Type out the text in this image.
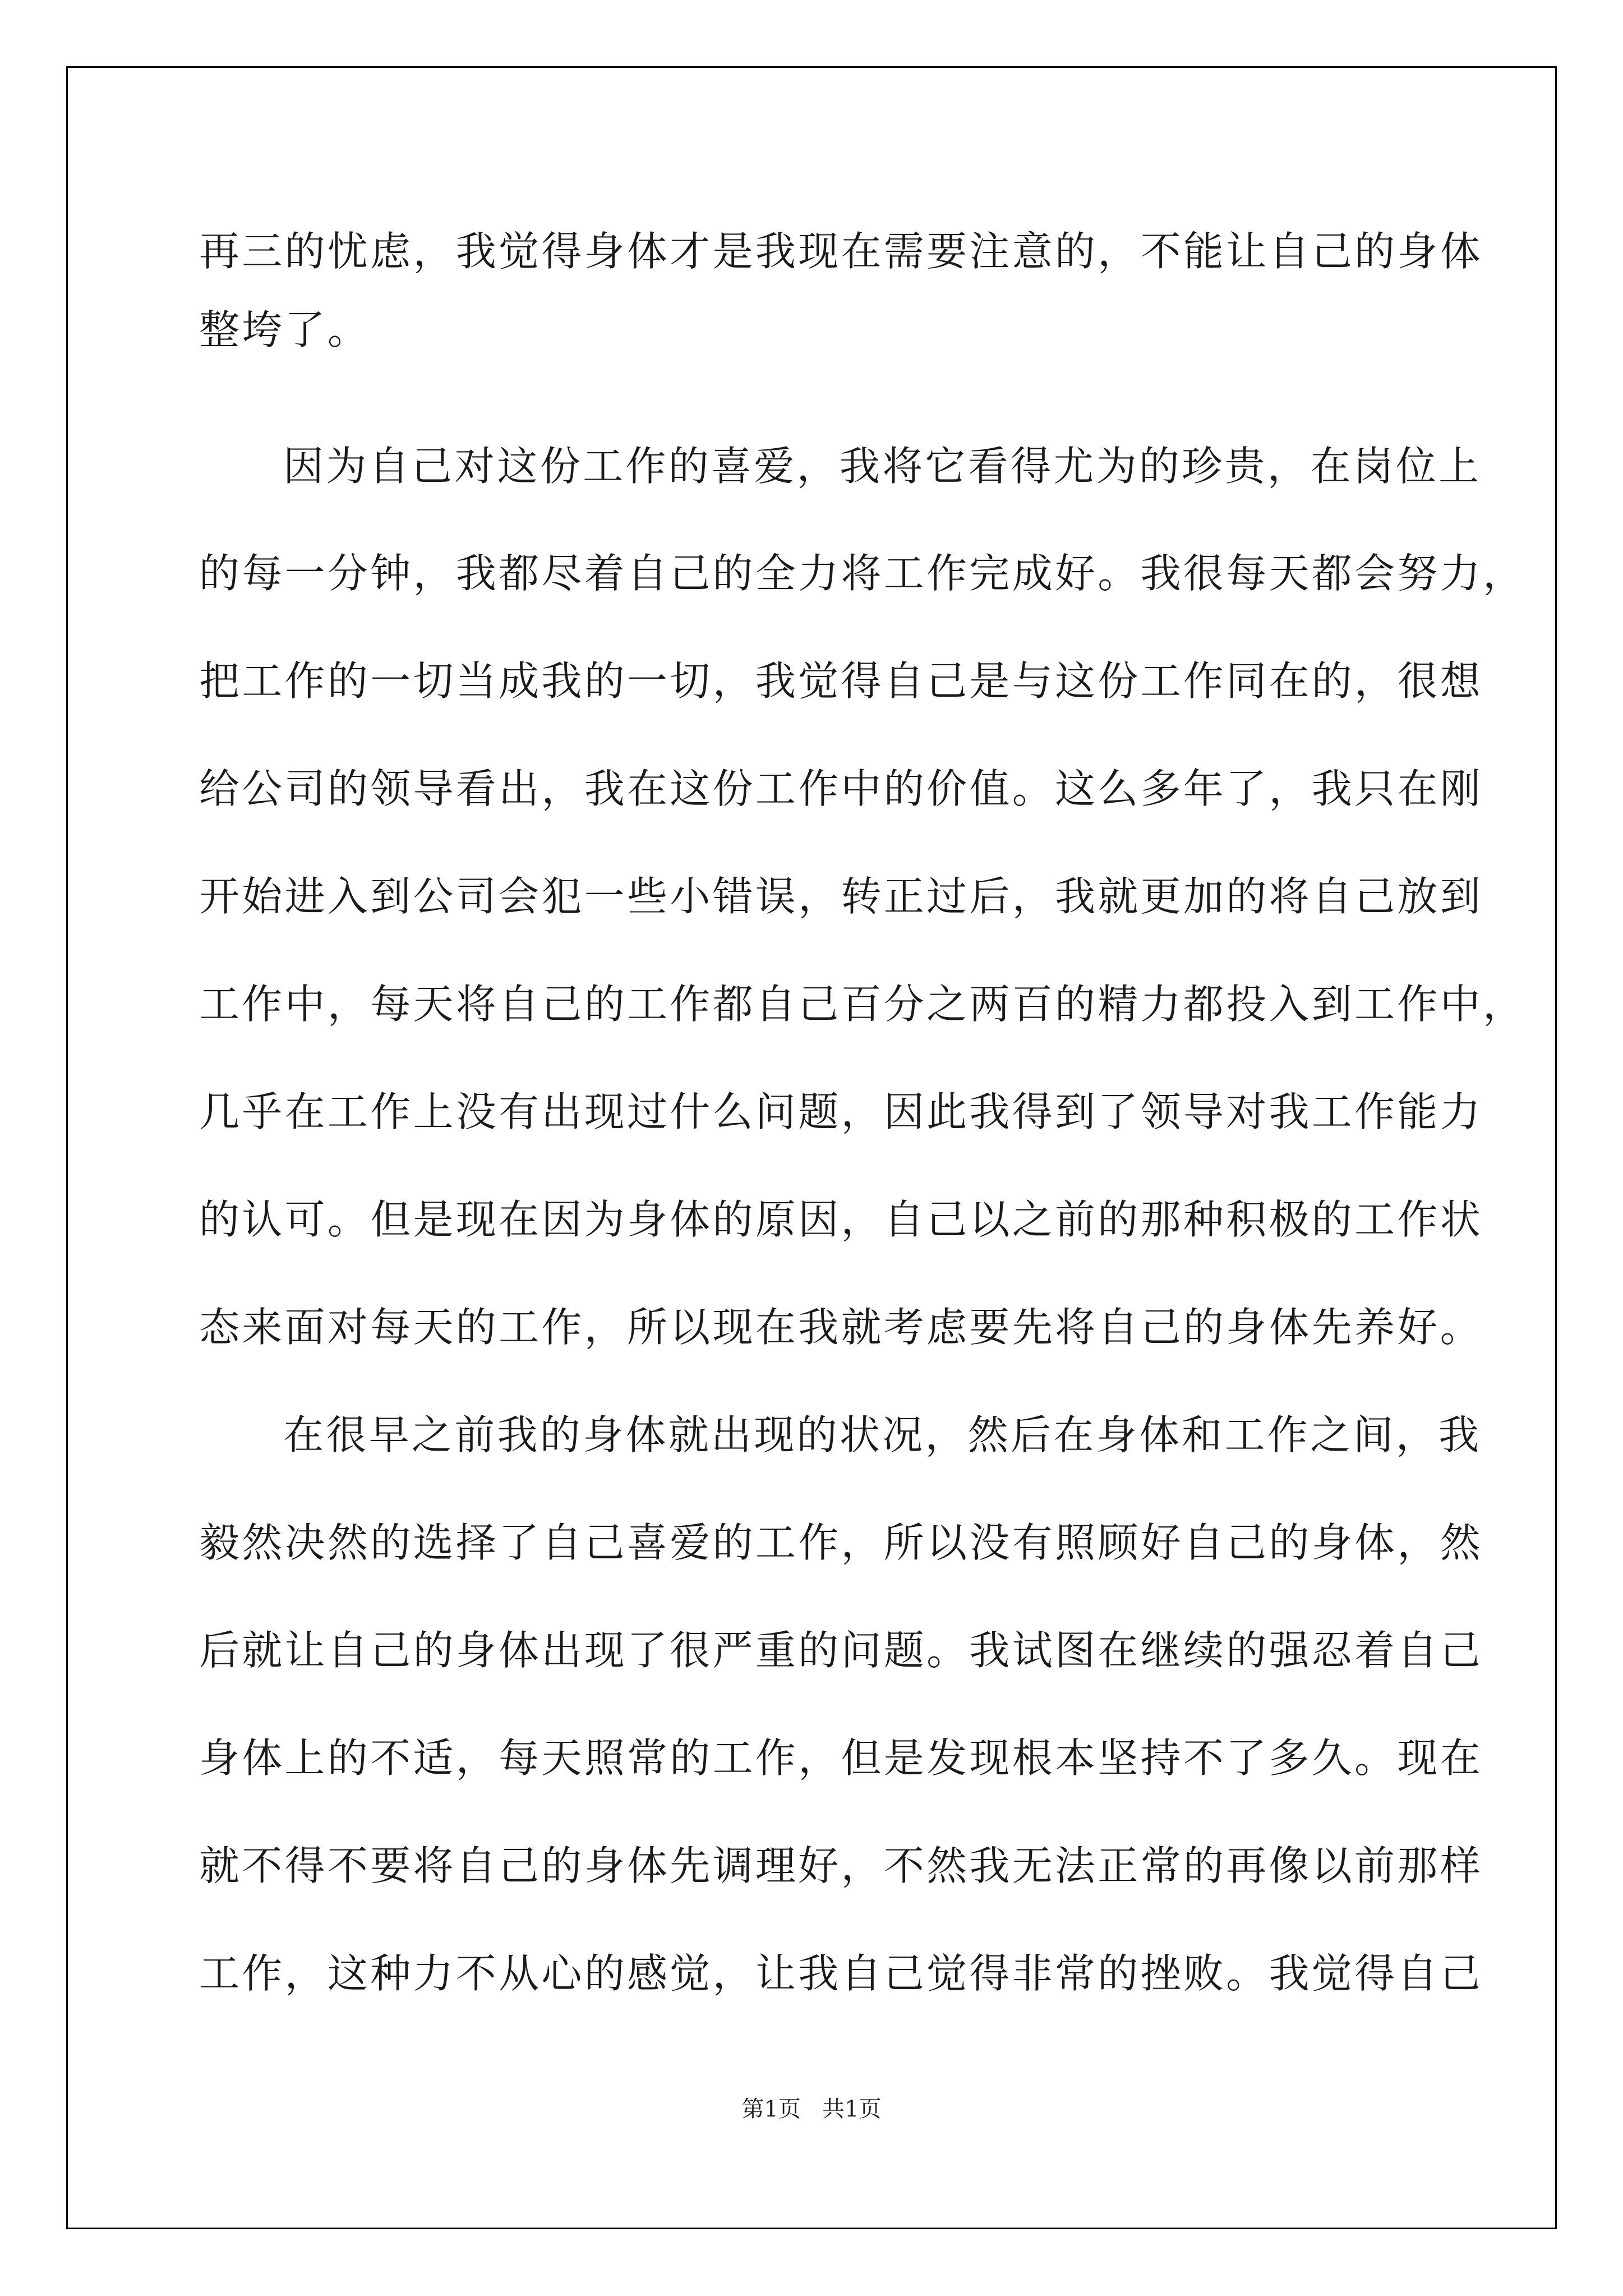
再三的忧虑，我觉得身体才是我现在需要注意的，不能让自己的身体
整垮了。
因为自己对这份工作的喜爱，我将它看得尤为的珍贵，在岗位上
的每一分钟，我都尽着自己的全力将工作完成好。我很每天都会努力，
把工作的一切当成我的一切，我觉得自己是与这份工作同在的，很想
给公司的领导看出，我在这份工作中的价值。这么多年了，我只在刚
开始进入到公司会犯一些小错误，转正过后，我就更加的将自己放到
工作中，每天将自己的工作都自己百分之两百的精力都投入到工作中，
几乎在工作上没有出现过什么问题，因此我得到了领导对我工作能力
的认可。但是现在因为身体的原因，自己以之前的那种积极的工作状
态来面对每天的工作，所以现在我就考虑要先将自己的身体先养好。
在很早之前我的身体就出现的状况，然后在身体和工作之间，我
毅然决然的选择了自己喜爱的工作，所以没有照顾好自己的身体，然
后就让自己的身体出现了很严重的问题。我试图在继续的强忍着自己
身体上的不适，每天照常的工作，但是发现根本坚持不了多久。现在
就不得不要将自己的身体先调理好，不然我无法正常的再像以前那样
工作，这种力不从心的感觉，让我自己觉得非常的挫败。我觉得自己
第1页   共1页
